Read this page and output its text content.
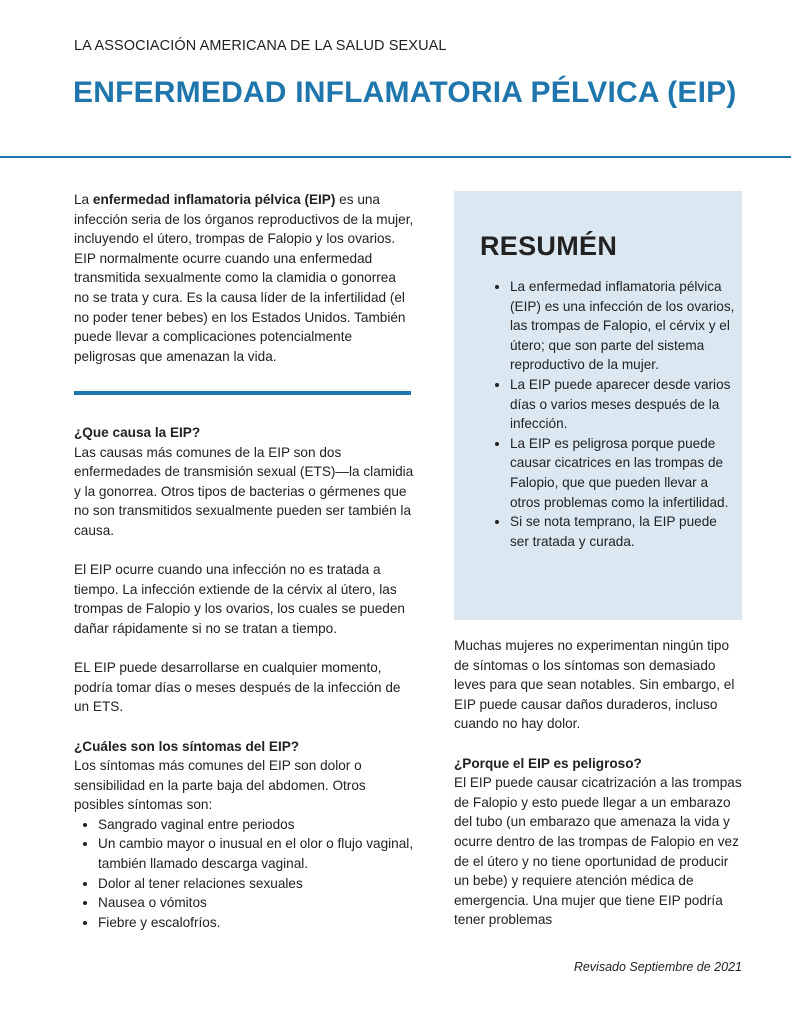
LA ASSOCIACIÓN AMERICANA DE LA SALUD SEXUAL
ENFERMEDAD INFLAMATORIA PÉLVICA (EIP)

La enfermedad inflamatoria pélvica (EIP) es una infección seria de los órganos reproductivos de la mujer, incluyendo el útero, trompas de Falopio y los ovarios. EIP normalmente ocurre cuando una enfermedad transmitida sexualmente como la clamidia o gonorrea no se trata y cura. Es la causa líder de la infertilidad (el no poder tener bebes) en los Estados Unidos. También puede llevar a complicaciones potencialmente peligrosas que amenazan la vida.

¿Que causa la EIP?

Las causas más comunes de la EIP son dos enfermedades de transmisión sexual (ETS)—la clamidia y la gonorrea. Otros tipos de bacterias o gérmenes que no son transmitidos sexualmente pueden ser también la causa.

El EIP ocurre cuando una infección no es tratada a tiempo. La infección extiende de la cérvix al útero, las trompas de Falopio y los ovarios, los cuales se pueden dañar rápidamente si no se tratan a tiempo.

EL EIP puede desarrollarse en cualquier momento, podría tomar días o meses después de la infección de un ETS.

¿Cuáles son los síntomas del EIP?

Los síntomas más comunes del EIP son dolor o sensibilidad en la parte baja del abdomen. Otros posibles síntomas son:

• Sangrado vaginal entre periodos
• Un cambio mayor o inusual en el olor o flujo vaginal, también llamado descarga vaginal.
• Dolor al tener relaciones sexuales
• Nausea o vómitos
• Fiebre y escalofríos.
RESUMÉN
• La enfermedad inflamatoria pélvica (EIP) es una infección de los ovarios, las trompas de Falopio, el cérvix y el útero; que son parte del sistema reproductivo de la mujer.
• La EIP puede aparecer desde varios días o varios meses después de la infección.
• La EIP es peligrosa porque puede causar cicatrices en las trompas de Falopio, que que pueden llevar a otros problemas como la infertilidad.
• Si se nota temprano, la EIP puede ser tratada y curada.

Muchas mujeres no experimentan ningún tipo de síntomas o los síntomas son demasiado leves para que sean notables. Sin embargo, el EIP puede causar daños duraderos, incluso cuando no hay dolor.

¿Porque el EIP es peligroso?

El EIP puede causar cicatrización a las trompas de Falopio y esto puede llegar a un embarazo del tubo (un embarazo que amenaza la vida y ocurre dentro de las trompas de Falopio en vez de el útero y no tiene oportunidad de producir un bebe) y requiere atención médica de emergencia. Una mujer que tiene EIP podría tener problemas

Revisado Septiembre de 2021
